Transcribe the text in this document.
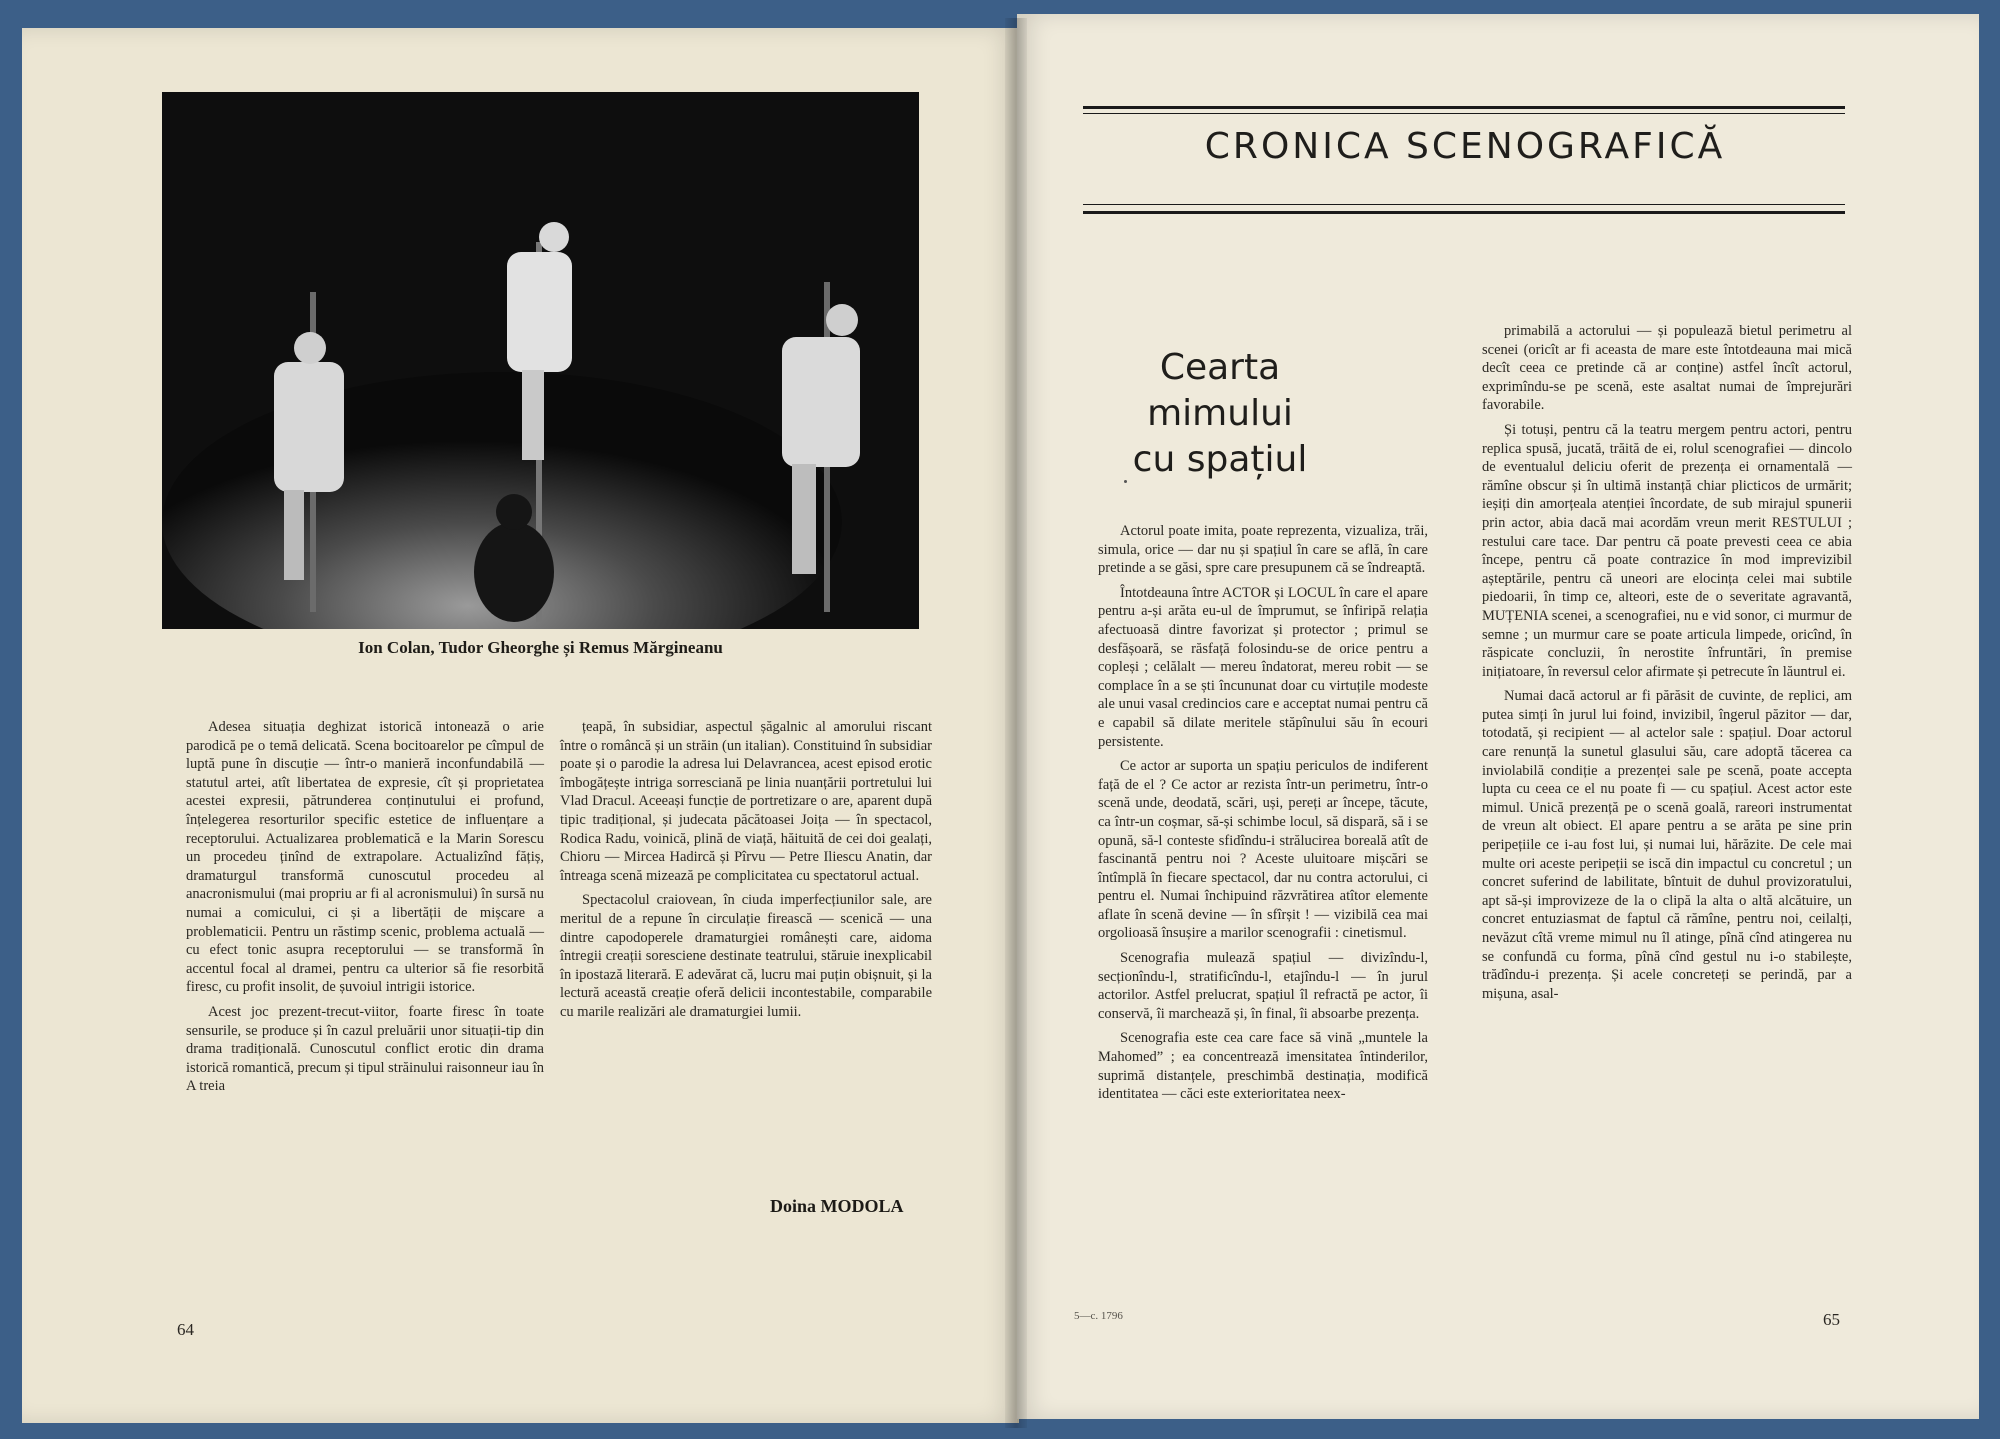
Ion Colan, Tudor Gheorghe și Remus Mărgineanu

Adesea situația deghizat istorică intonează o arie parodică pe o temă delicată. Scena bocitoarelor pe cîmpul de luptă pune în discuție — într-o manieră inconfundabilă — statutul artei, atît libertatea de expresie, cît și proprietatea acestei expresii, pătrunderea conținutului ei profund, înțelegerea resorturilor specific estetice de influențare a receptorului. Actualizarea problematică e la Marin Sorescu un procedeu ținînd de extrapolare. Actualizînd fățiș, dramaturgul transformă cunoscutul procedeu al anacronismului (mai propriu ar fi al acronismului) în sursă nu numai a comicului, ci și a libertății de mișcare a problematicii. Pentru un răstimp scenic, problema actuală — cu efect tonic asupra receptorului — se transformă în accentul focal al dramei, pentru ca ulterior să fie resorbită firesc, cu profit insolit, de șuvoiul intrigii istorice.

Acest joc prezent-trecut-viitor, foarte firesc în toate sensurile, se produce și în cazul preluării unor situații-tip din drama tradițională. Cunoscutul conflict erotic din drama istorică romantică, precum și tipul străinului raisonneur iau în A treia

țeapă, în subsidiar, aspectul șăgalnic al amorului riscant între o româncă și un străin (un italian). Constituind în subsidiar poate și o parodie la adresa lui Delavrancea, acest episod erotic îmbogățește intriga sorresciană pe linia nuanțării portretului lui Vlad Dracul. Aceeași funcție de portretizare o are, aparent după tipic tradițional, și judecata păcătoasei Joița — în spectacol, Rodica Radu, voinică, plină de viață, hăituită de cei doi gealați, Chioru — Mircea Hadircă și Pîrvu — Petre Iliescu Anatin, dar întreaga scenă mizează pe complicitatea cu spectatorul actual.

Spectacolul craiovean, în ciuda imperfecțiunilor sale, are meritul de a repune în circulație firească — scenică — una dintre capodoperele dramaturgiei românești care, aidoma întregii creații soresciene destinate teatrului, stăruie inexplicabil în ipostază literară. E adevărat că, lucru mai puțin obișnuit, și la lectură această creație oferă delicii incontestabile, comparabile cu marile realizări ale dramaturgiei lumii.

Doina MODOLA
64
CRONICA SCENOGRAFICĂ
Cearta
mimului
cu spațiul

Actorul poate imita, poate reprezenta, vizualiza, trăi, simula, orice — dar nu și spațiul în care se află, în care pretinde a se găsi, spre care presupunem că se îndreaptă.

Întotdeauna între ACTOR și LOCUL în care el apare pentru a-și arăta eu-ul de împrumut, se înfiripă relația afectuoasă dintre favorizat și protector ; primul se desfășoară, se răsfață folosindu-se de orice pentru a copleși ; celălalt — mereu îndatorat, mereu robit — se complace în a se ști încununat doar cu virtuțile modeste ale unui vasal credincios care e acceptat numai pentru că e capabil să dilate meritele stăpînului său în ecouri persistente.

Ce actor ar suporta un spațiu periculos de indiferent față de el ? Ce actor ar rezista într-un perimetru, într-o scenă unde, deodată, scări, uși, pereți ar începe, tăcute, ca într-un coșmar, să-și schimbe locul, să dispară, să i se opună, să-l conteste sfidîndu-i strălucirea boreală atît de fascinantă pentru noi ? Aceste uluitoare mișcări se întîmplă în fiecare spectacol, dar nu contra actorului, ci pentru el. Numai închipuind răzvrătirea atîtor elemente aflate în scenă devine — în sfîrșit ! — vizibilă cea mai orgolioasă însușire a marilor scenografii : cinetismul.

Scenografia mulează spațiul — divizîndu-l, secționîndu-l, stratificîndu-l, etajîndu-l — în jurul actorilor. Astfel prelucrat, spațiul îl refractă pe actor, îi conservă, îi marchează și, în final, îi absoarbe prezența.

Scenografia este cea care face să vină „muntele la Mahomed” ; ea concentrează imensitatea întinderilor, suprimă distanțele, preschimbă destinația, modifică identitatea — căci este exterioritatea neex-

primabilă a actorului — și populează bietul perimetru al scenei (oricît ar fi aceasta de mare este întotdeauna mai mică decît ceea ce pretinde că ar conține) astfel încît actorul, exprimîndu-se pe scenă, este asaltat numai de împrejurări favorabile.

Și totuși, pentru că la teatru mergem pentru actori, pentru replica spusă, jucată, trăită de ei, rolul scenografiei — dincolo de eventualul deliciu oferit de prezența ei ornamentală — rămîne obscur și în ultimă instanță chiar plicticos de urmărit; ieșiți din amorțeala atenției încordate, de sub mirajul spunerii prin actor, abia dacă mai acordăm vreun merit RESTULUI ; restului care tace. Dar pentru că poate prevesti ceea ce abia începe, pentru că poate contrazice în mod imprevizibil așteptările, pentru că uneori are elocința celei mai subtile piedoarii, în timp ce, alteori, este de o severitate agravantă, MUȚENIA scenei, a scenografiei, nu e vid sonor, ci murmur de semne ; un murmur care se poate articula limpede, oricînd, în răspicate concluzii, în nerostite înfruntări, în premise inițiatoare, în reversul celor afirmate și petrecute în lăuntrul ei.

Numai dacă actorul ar fi părăsit de cuvinte, de replici, am putea simți în jurul lui foind, invizibil, îngerul păzitor — dar, totodată, și recipient — al actelor sale : spațiul. Doar actorul care renunță la sunetul glasului său, care adoptă tăcerea ca inviolabilă condiție a prezenței sale pe scenă, poate accepta lupta cu ceea ce el nu poate fi — cu spațiul. Acest actor este mimul. Unică prezență pe o scenă goală, rareori instrumentat de vreun alt obiect. El apare pentru a se arăta pe sine prin peripețiile ce i-au fost lui, și numai lui, hărăzite. De cele mai multe ori aceste peripeții se iscă din impactul cu concretul ; un concret suferind de labilitate, bîntuit de duhul provizoratului, apt să-și improvizeze de la o clipă la alta o altă alcătuire, un concret entuziasmat de faptul că rămîne, pentru noi, ceilalți, nevăzut cîtă vreme mimul nu îl atinge, pînă cînd atingerea nu se confundă cu forma, pînă cînd gestul nu i-o stabilește, trădîndu-i prezența. Și acele concreteți se perindă, par a mișuna, asal-

5—c. 1796	65
